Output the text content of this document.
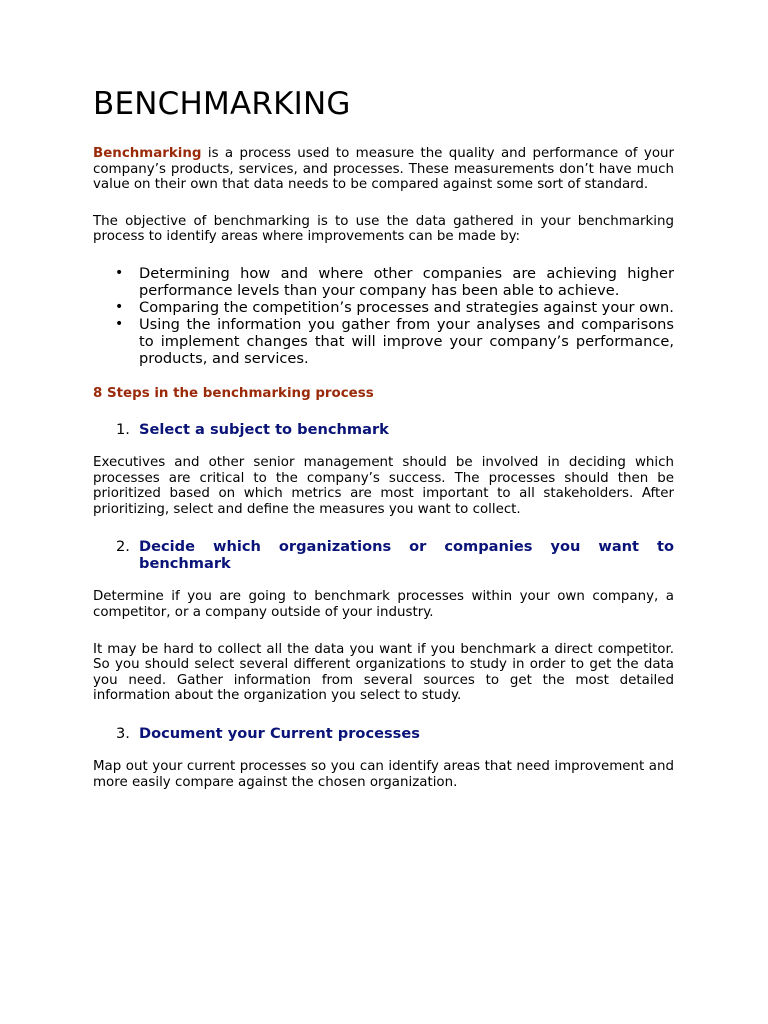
BENCHMARKING

Benchmarking is a process used to measure the quality and performance of your company’s products, services, and processes. These measurements don’t have much value on their own that data needs to be compared against some sort of standard.

The objective of benchmarking is to use the data gathered in your benchmarking process to identify areas where improvements can be made by:

• Determining how and where other companies are achieving higher performance levels than your company has been able to achieve.
• Comparing the competition’s processes and strategies against your own.
• Using the information you gather from your analyses and comparisons to implement changes that will improve your company’s performance, products, and services.
8 Steps in the benchmarking process
1. Select a subject to benchmark

Executives and other senior management should be involved in deciding which processes are critical to the company’s success. The processes should then be prioritized based on which metrics are most important to all stakeholders. After prioritizing, select and define the measures you want to collect.

2. Decide which organizations or companies you want to benchmark

Determine if you are going to benchmark processes within your own company, a competitor, or a company outside of your industry.

It may be hard to collect all the data you want if you benchmark a direct competitor. So you should select several different organizations to study in order to get the data you need. Gather information from several sources to get the most detailed information about the organization you select to study.

3. Document your Current processes

Map out your current processes so you can identify areas that need improvement and more easily compare against the chosen organization.
